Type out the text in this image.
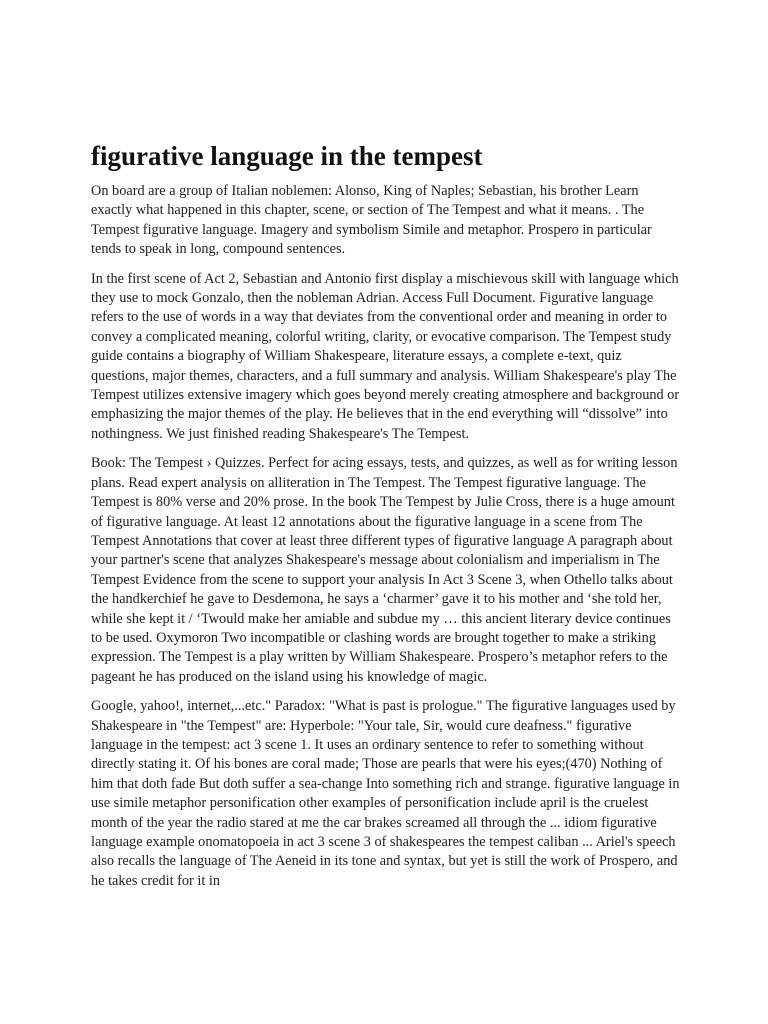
figurative language in the tempest

On board are a group of Italian noblemen: Alonso, King of Naples; Sebastian, his brother Learn exactly what happened in this chapter, scene, or section of The Tempest and what it means. . The Tempest figurative language. Imagery and symbolism Simile and metaphor. Prospero in particular tends to speak in long, compound sentences.

In the first scene of Act 2, Sebastian and Antonio first display a mischievous skill with language which they use to mock Gonzalo, then the nobleman Adrian. Access Full Document. Figurative language refers to the use of words in a way that deviates from the conventional order and meaning in order to convey a complicated meaning, colorful writing, clarity, or evocative comparison. The Tempest study guide contains a biography of William Shakespeare, literature essays, a complete e-text, quiz questions, major themes, characters, and a full summary and analysis. William Shakespeare's play The Tempest utilizes extensive imagery which goes beyond merely creating atmosphere and background or emphasizing the major themes of the play. He believes that in the end everything will “dissolve” into nothingness. We just finished reading Shakespeare's The Tempest.

Book: The Tempest › Quizzes. Perfect for acing essays, tests, and quizzes, as well as for writing lesson plans. Read expert analysis on alliteration in The Tempest. The Tempest figurative language. The Tempest is 80% verse and 20% prose. In the book The Tempest by Julie Cross, there is a huge amount of figurative language. At least 12 annotations about the figurative language in a scene from The Tempest Annotations that cover at least three different types of figurative language A paragraph about your partner's scene that analyzes Shakespeare's message about colonialism and imperialism in The Tempest Evidence from the scene to support your analysis In Act 3 Scene 3, when Othello talks about the handkerchief he gave to Desdemona, he says a ‘charmer’ gave it to his mother and ‘she told her, while she kept it / ‘Twould make her amiable and subdue my … this ancient literary device continues to be used. Oxymoron Two incompatible or clashing words are brought together to make a striking expression. The Tempest is a play written by William Shakespeare. Prospero’s metaphor refers to the pageant he has produced on the island using his knowledge of magic.

Google, yahoo!, internet,...etc." Paradox: "What is past is prologue." The figurative languages used by Shakespeare in "the Tempest" are: Hyperbole: "Your tale, Sir, would cure deafness." figurative language in the tempest: act 3 scene 1. It uses an ordinary sentence to refer to something without directly stating it. Of his bones are coral made; Those are pearls that were his eyes;(470) Nothing of him that doth fade But doth suffer a sea-change Into something rich and strange. figurative language in use simile metaphor personification other examples of personification include april is the cruelest month of the year the radio stared at me the car brakes screamed all through the ... idiom figurative language example onomatopoeia in act 3 scene 3 of shakespeares the tempest caliban ... Ariel's speech also recalls the language of The Aeneid in its tone and syntax, but yet is still the work of Prospero, and he takes credit for it in
